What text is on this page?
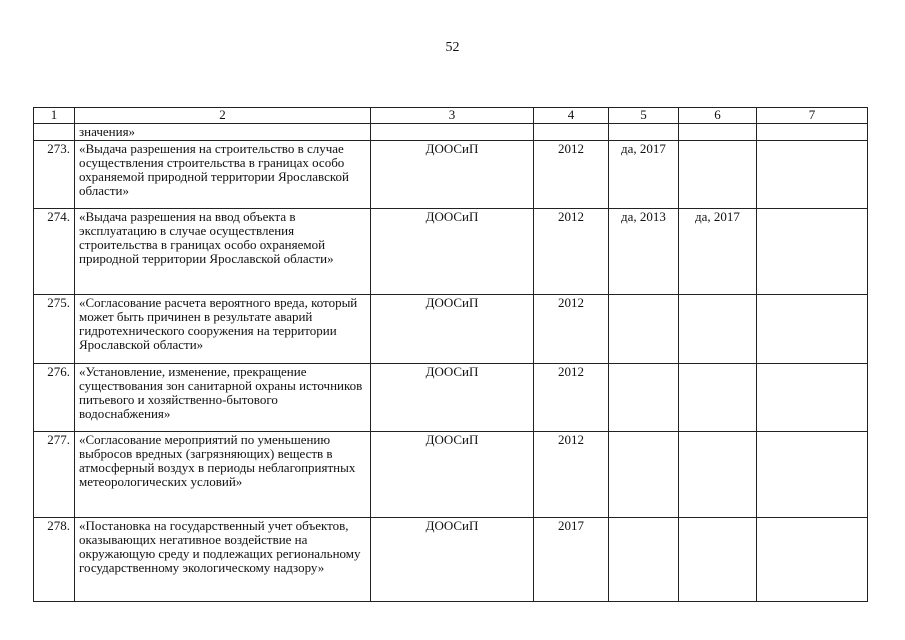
52
1	2	3	4	5	6	7
	значения»					
273.	«Выдача разрешения на строительство в случае осуществления строительства в границах особо охраняемой природной территории Ярославской области»	ДООСиП	2012	да, 2017		
274.	«Выдача разрешения на ввод объекта в эксплуатацию в случае осуществления строительства в границах особо охраняемой природной территории Ярославской области»	ДООСиП	2012	да, 2013	да, 2017	
275.	«Согласование расчета вероятного вреда, который может быть причинен в результате аварий гидротехнического сооружения на территории Ярославской области»	ДООСиП	2012			
276.	«Установление, изменение, прекращение существования зон санитарной охраны источников питьевого и хозяйственно-бытового водоснабжения»	ДООСиП	2012			
277.	«Согласование мероприятий по уменьшению выбросов вредных (загрязняющих) веществ в атмосферный воздух в периоды неблагоприятных метеорологических условий»	ДООСиП	2012			
278.	«Постановка на государственный учет объектов, оказывающих негативное воздействие на окружающую среду и подлежащих региональному государственному экологическому надзору»	ДООСиП	2017			
